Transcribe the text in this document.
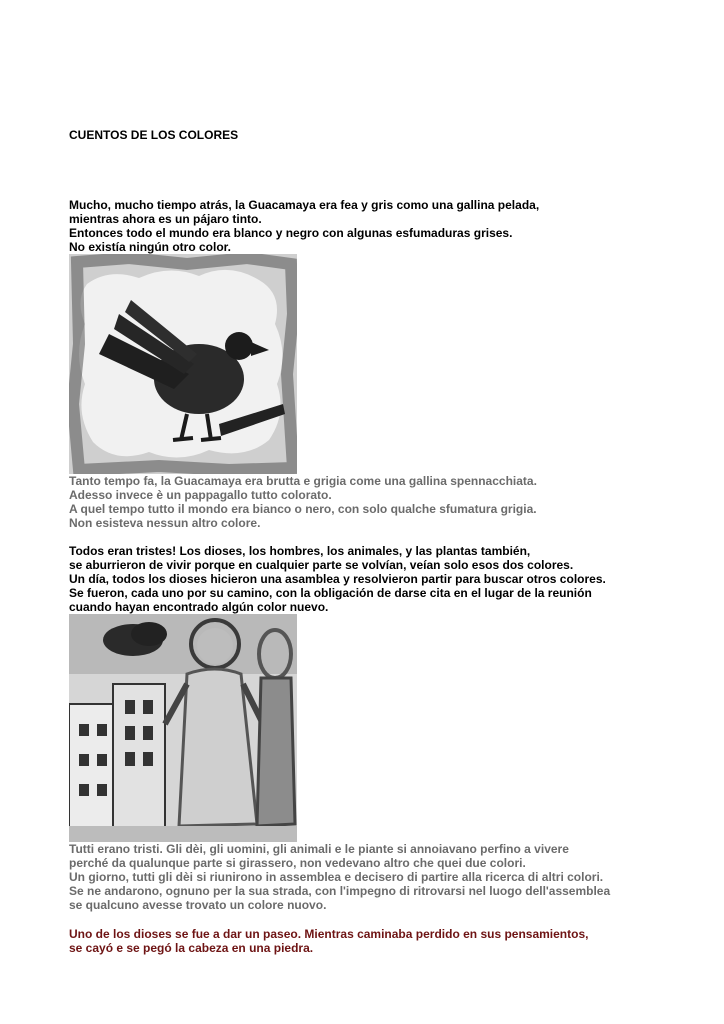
CUENTOS DE LOS COLORES
Mucho, mucho tiempo atrás, la Guacamaya era fea y gris como una gallina pelada,
mientras ahora es un pájaro tinto.
Entonces todo el mundo era blanco y negro con algunas esfumaduras grises.
No existía ningún otro color.
Tanto tempo fa, la Guacamaya era brutta e grigia come una gallina spennacchiata.
Adesso invece è un pappagallo tutto colorato.
A quel tempo tutto il mondo era bianco o nero, con solo qualche sfumatura grigia.
Non esisteva nessun altro colore.
Todos eran tristes! Los dioses, los hombres, los animales, y las plantas también,
se aburrieron de vivir porque en cualquier parte se volvían, veían solo esos dos colores.
Un día, todos los dioses hicieron una asamblea y resolvieron partir para buscar otros colores.
Se fueron, cada uno por su camino, con la obligación de darse cita en el lugar de la reunión
cuando hayan encontrado algún color nuevo.
Tutti erano tristi. Gli dèi, gli uomini, gli animali e le piante si annoiavano perfino a vivere
perché da qualunque parte si girassero, non vedevano altro che quei due colori.
Un giorno, tutti gli dèi si riunirono in assemblea e decisero di partire alla ricerca di altri colori.
Se ne andarono, ognuno per la sua strada, con l'impegno di ritrovarsi nel luogo dell'assemblea
se qualcuno avesse trovato un colore nuovo.
Uno de los dioses se fue a dar un paseo. Mientras caminaba perdido en sus pensamientos,
se cayó e se pegó la cabeza en una piedra.
